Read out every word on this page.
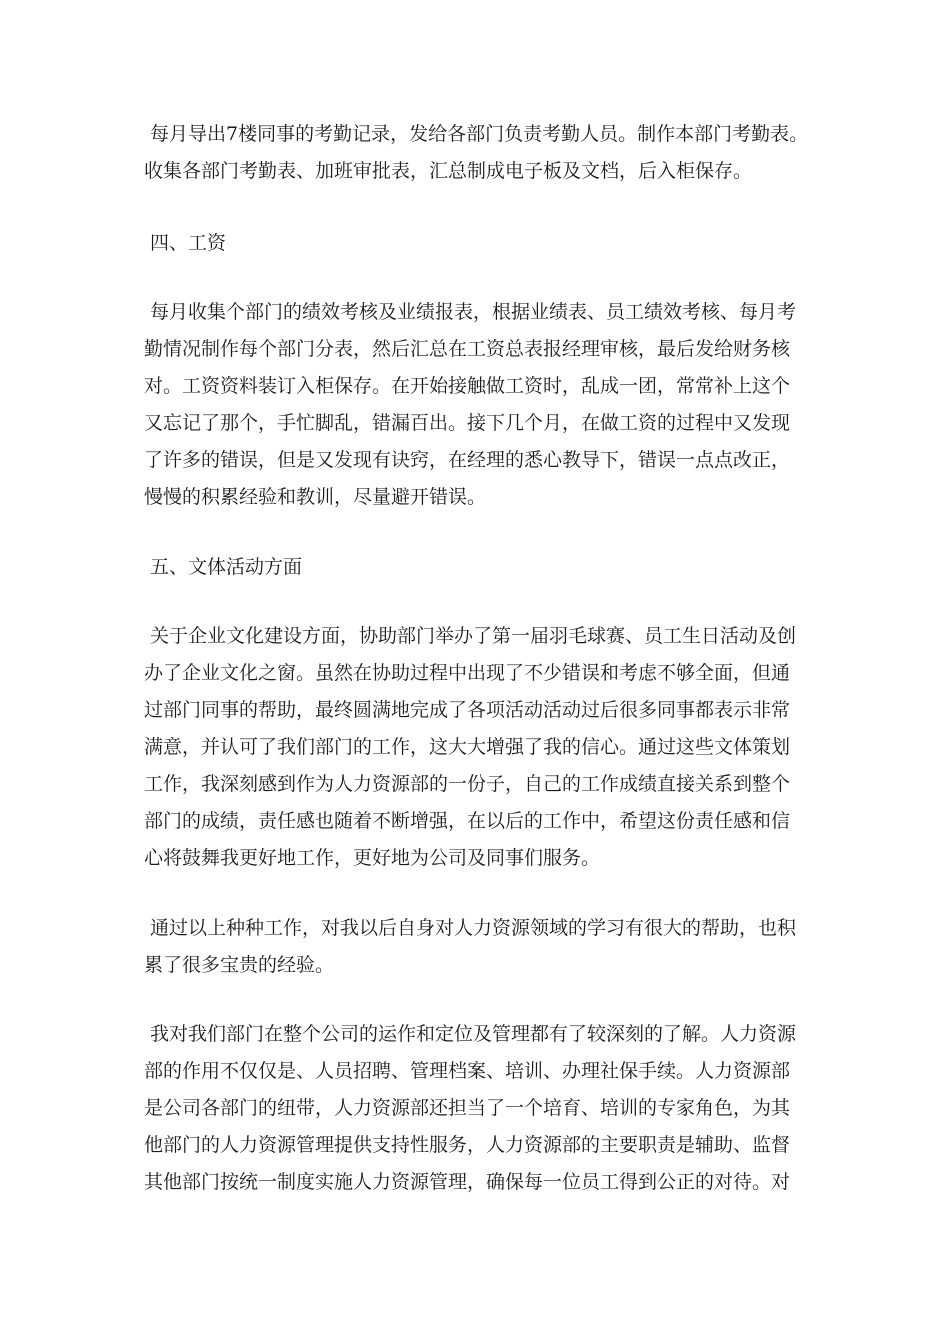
每月导出7楼同事的考勤记录，发给各部门负责考勤人员。制作本部门考勤表。
收集各部门考勤表、加班审批表，汇总制成电子板及文档，后入柜保存。
四、工资
每月收集个部门的绩效考核及业绩报表，根据业绩表、员工绩效考核、每月考
勤情况制作每个部门分表，然后汇总在工资总表报经理审核，最后发给财务核
对。工资资料装订入柜保存。在开始接触做工资时，乱成一团，常常补上这个
又忘记了那个，手忙脚乱，错漏百出。接下几个月，在做工资的过程中又发现
了许多的错误，但是又发现有诀窍，在经理的悉心教导下，错误一点点改正，
慢慢的积累经验和教训，尽量避开错误。
五、文体活动方面
关于企业文化建设方面，协助部门举办了第一届羽毛球赛、员工生日活动及创
办了企业文化之窗。虽然在协助过程中出现了不少错误和考虑不够全面，但通
过部门同事的帮助，最终圆满地完成了各项活动活动过后很多同事都表示非常
满意，并认可了我们部门的工作，这大大增强了我的信心。通过这些文体策划
工作，我深刻感到作为人力资源部的一份子，自己的工作成绩直接关系到整个
部门的成绩，责任感也随着不断增强，在以后的工作中，希望这份责任感和信
心将鼓舞我更好地工作，更好地为公司及同事们服务。
通过以上种种工作，对我以后自身对人力资源领域的学习有很大的帮助，也积
累了很多宝贵的经验。
我对我们部门在整个公司的运作和定位及管理都有了较深刻的了解。人力资源
部的作用不仅仅是、人员招聘、管理档案、培训、办理社保手续。人力资源部
是公司各部门的纽带，人力资源部还担当了一个培育、培训的专家角色，为其
他部门的人力资源管理提供支持性服务，人力资源部的主要职责是辅助、监督
其他部门按统一制度实施人力资源管理，确保每一位员工得到公正的对待。对
